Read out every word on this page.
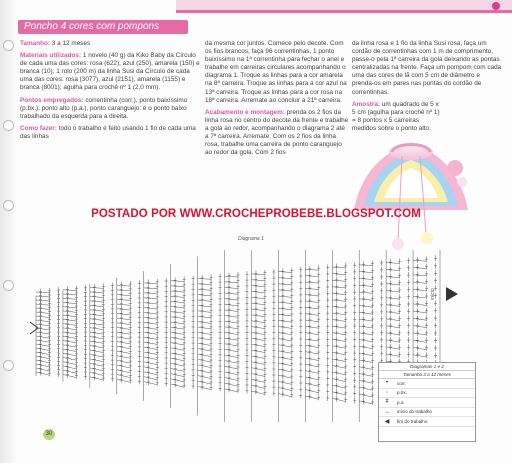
Poncho 4 cores com pompons

Tamanho: 3 a 12 meses

Materiais utilizados: 1 novelo (40 g) da Kiko Baby da Círculo de cada uma das cores: rosa (622), azul (250), amarela (150) e branca (10); 1 rolo (200 m) da linha Susi da Círculo de cada uma das cores: rosa (3077), azul (2151), amarela (1155) e branca (8001); agulha para crochê nº 1 (2,0 mm).

Pontos empregados: correntinha (corr.), ponto baixíssimo (p.bx.), ponto alto (p.a.), ponto caranguejo: é o ponto baixo trabalhado da esquerda para a direita.

Como fazer: todo o trabalho é feito usando 1 fio de cada uma das linhas

da mesma cor juntos. Comece pelo decote. Com os fios brancos, faça 96 correntinhas, 1 ponto baixíssimo na 1ª correntinha para fechar o anel e trabalhe em carreiras circulares acompanhando o diagrama 1. Troque as linhas para a cor amarela na 8ª carreira. Troque as linhas para a cor azul na 13ª carreira. Troque as linhas para a cor rosa na 18ª carreira. Arremate ao concluir a 21ª carreira.

Acabamento e montagem: prenda os 2 fios da linha rosa no centro do decote da frente e trabalhe a gola ao redor, acompanhando o diagrama 2 até a 7ª carreira. Arremate. Com os 2 fios da linha rosa, trabalhe uma carreira de ponto caranguejo ao redor da gola. Com 2 fios

da linha rosa e 1 fio da linha Susi rosa, faça um cordão de correntinhas com 1 m de comprimento, passe-o pela 1ª carreira da gola deixando as pontas centralizadas na frente. Faça um pompom com cada uma das cores de lã com 5 cm de diâmetro e prenda-os em pares nas pontas do cordão de correntinhas.

Amostra: um quadrado de 5 x 5 cm (agulha para crochê nº 1) = 8 pontos x 5 carreiras medidos sobre o ponto alto.

POSTADO POR WWW.CROCHEPROBEBE.BLOGSPOT.COM
Diagrama 1
início
Diagramas 1 e 2
Tamanho 3 a 12 meses
•	corr.
◦	p.bx.
ǂ	p.a.
→	início do trabalho
◀	fim do trabalho
30
